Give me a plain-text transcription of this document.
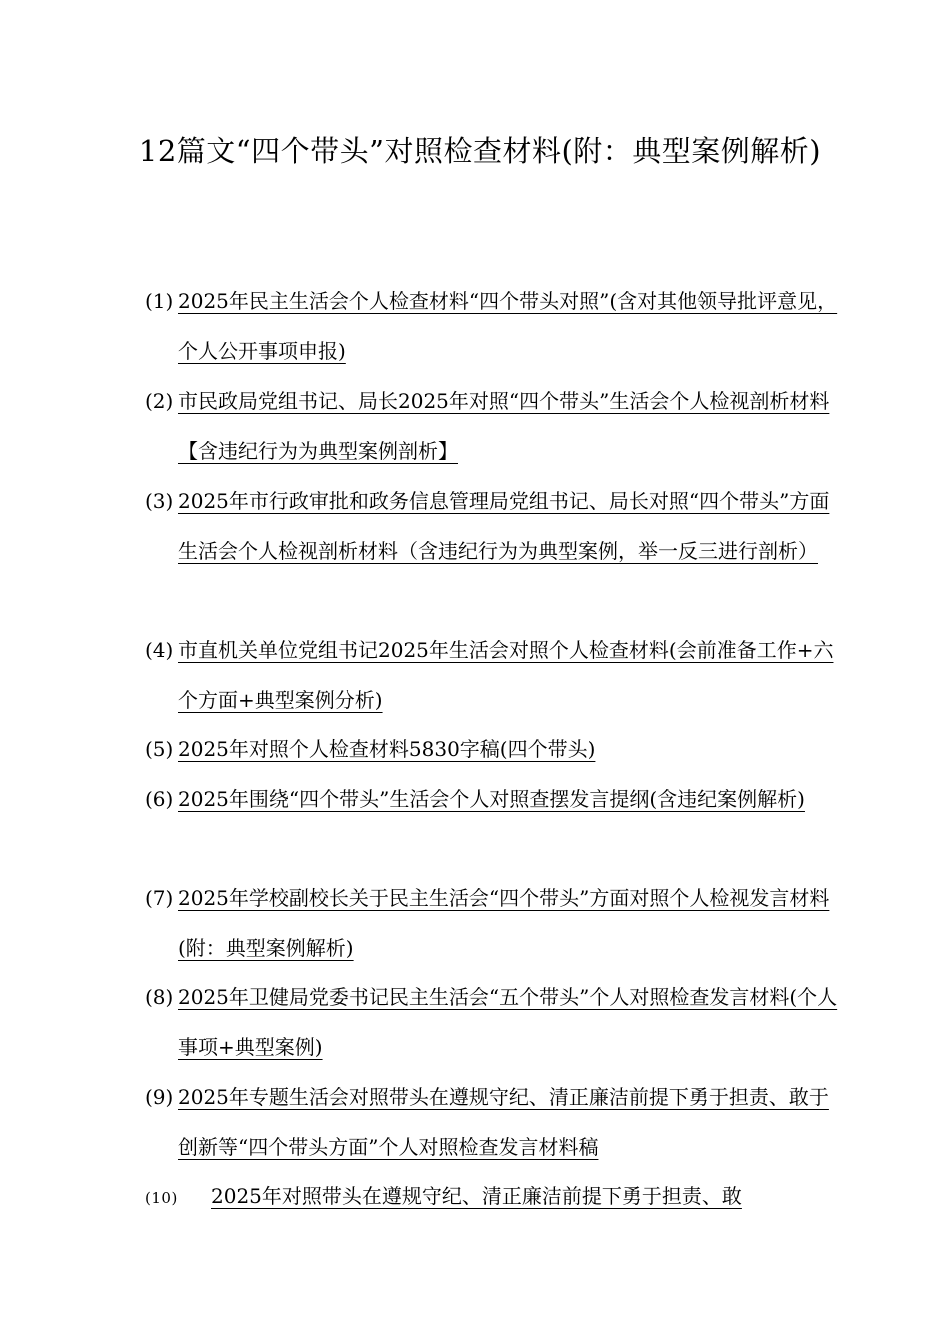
12篇文“四个带头”对照检查材料(附：典型案例解析)
(1) 2025年民主生活会个人检查材料“四个带头对照”(含对其他领导批评意见，个人公开事项申报)
(2) 市民政局党组书记、局长2025年对照“四个带头”生活会个人检视剖析材料【含违纪行为为典型案例剖析】
(3) 2025年市行政审批和政务信息管理局党组书记、局长对照“四个带头”方面生活会个人检视剖析材料（含违纪行为为典型案例，举一反三进行剖析）
(4) 市直机关单位党组书记2025年生活会对照个人检查材料(会前准备工作+六个方面+典型案例分析)
(5) 2025年对照个人检查材料5830字稿(四个带头)
(6) 2025年围绕“四个带头”生活会个人对照查摆发言提纲(含违纪案例解析)
(7) 2025年学校副校长关于民主生活会“四个带头”方面对照个人检视发言材料(附：典型案例解析)
(8) 2025年卫健局党委书记民主生活会“五个带头”个人对照检查发言材料(个人事项+典型案例)
(9) 2025年专题生活会对照带头在遵规守纪、清正廉洁前提下勇于担责、敢于创新等“四个带头方面”个人对照检查发言材料稿
(10) 2025年对照带头在遵规守纪、清正廉洁前提下勇于担责、敢
